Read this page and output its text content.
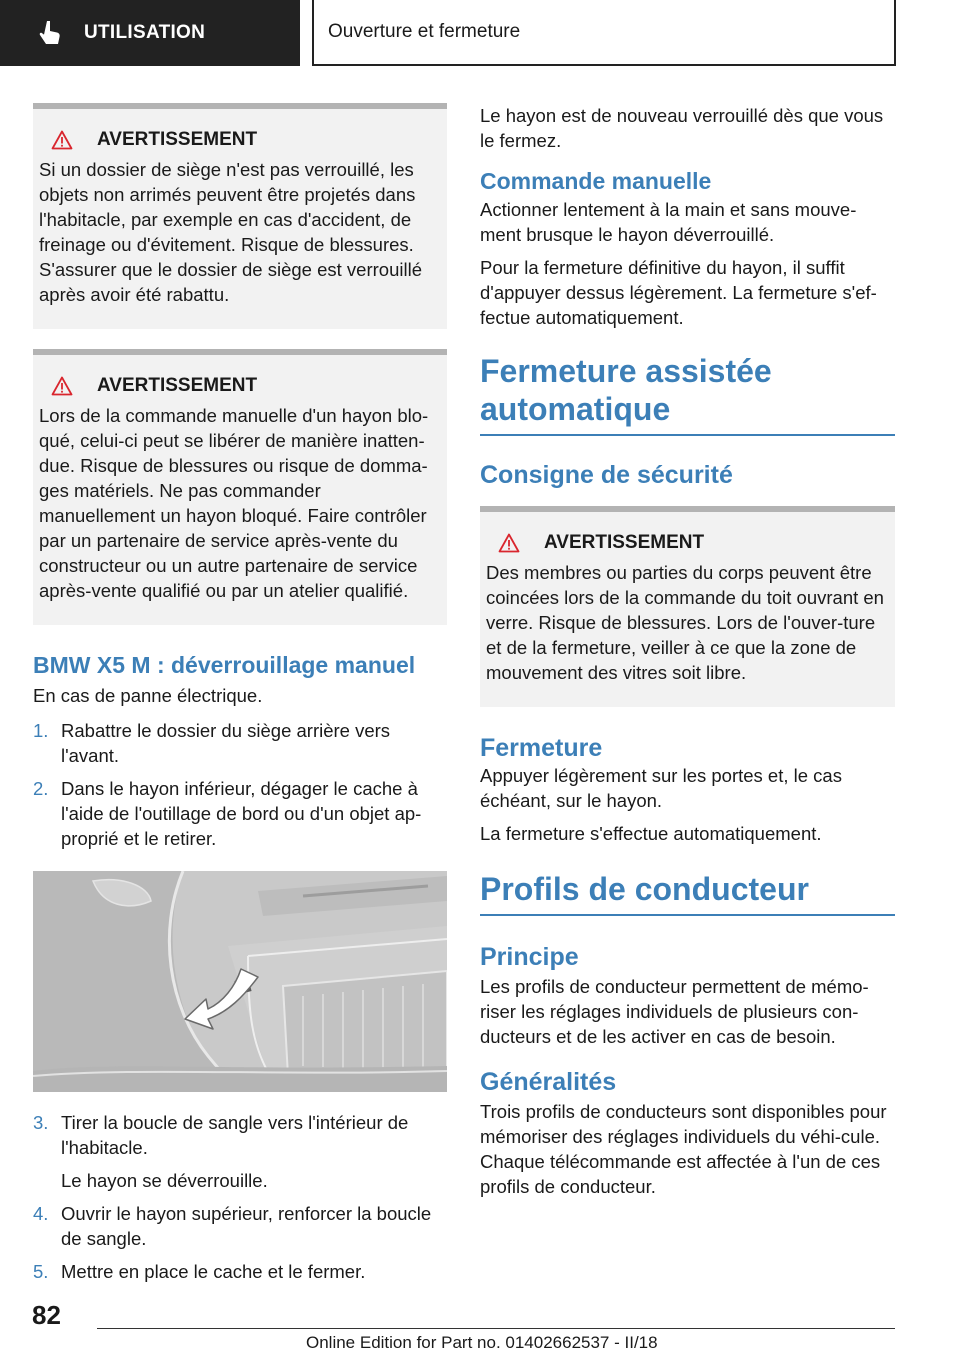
UTILISATION	Ouverture et fermeture
AVERTISSEMENT

Si un dossier de siège n'est pas verrouillé, les objets non arrimés peuvent être projetés dans l'habitacle, par exemple en cas d'accident, de freinage ou d'évitement. Risque de blessures. S'assurer que le dossier de siège est verrouillé après avoir été rabattu.

AVERTISSEMENT

Lors de la commande manuelle d'un hayon blo-qué, celui-ci peut se libérer de manière inatten-due. Risque de blessures ou risque de domma-ges matériels. Ne pas commander manuellement un hayon bloqué. Faire contrôler par un partenaire de service après-vente du constructeur ou un autre partenaire de service après-vente qualifié ou par un atelier qualifié.

BMW X5 M : déverrouillage manuel

En cas de panne électrique.

1. Rabattre le dossier du siège arrière vers l'avant.
2. Dans le hayon inférieur, dégager le cache à l'aide de l'outillage de bord ou d'un objet ap-proprié et le retirer.
3. Tirer la boucle de sangle vers l'intérieur de l'habitacle.
Le hayon se déverrouille.
4. Ouvrir le hayon supérieur, renforcer la boucle de sangle.
5. Mettre en place le cache et le fermer.

Le hayon est de nouveau verrouillé dès que vous le fermez.

Commande manuelle

Actionner lentement à la main et sans mouve-ment brusque le hayon déverrouillé.

Pour la fermeture définitive du hayon, il suffit d'appuyer dessus légèrement. La fermeture s'ef-fectue automatiquement.

Fermeture assistée automatique
Consigne de sécurité
AVERTISSEMENT

Des membres ou parties du corps peuvent être coincées lors de la commande du toit ouvrant en verre. Risque de blessures. Lors de l'ouver-ture et de la fermeture, veiller à ce que la zone de mouvement des vitres soit libre.

Fermeture

Appuyer légèrement sur les portes et, le cas échéant, sur le hayon.

La fermeture s'effectue automatiquement.

Profils de conducteur
Principe

Les profils de conducteur permettent de mémo-riser les réglages individuels de plusieurs con-ducteurs et de les activer en cas de besoin.

Généralités

Trois profils de conducteurs sont disponibles pour mémoriser des réglages individuels du véhi-cule. Chaque télécommande est affectée à l'un de ces profils de conducteur.

82
Online Edition for Part no. 01402662537 - II/18
